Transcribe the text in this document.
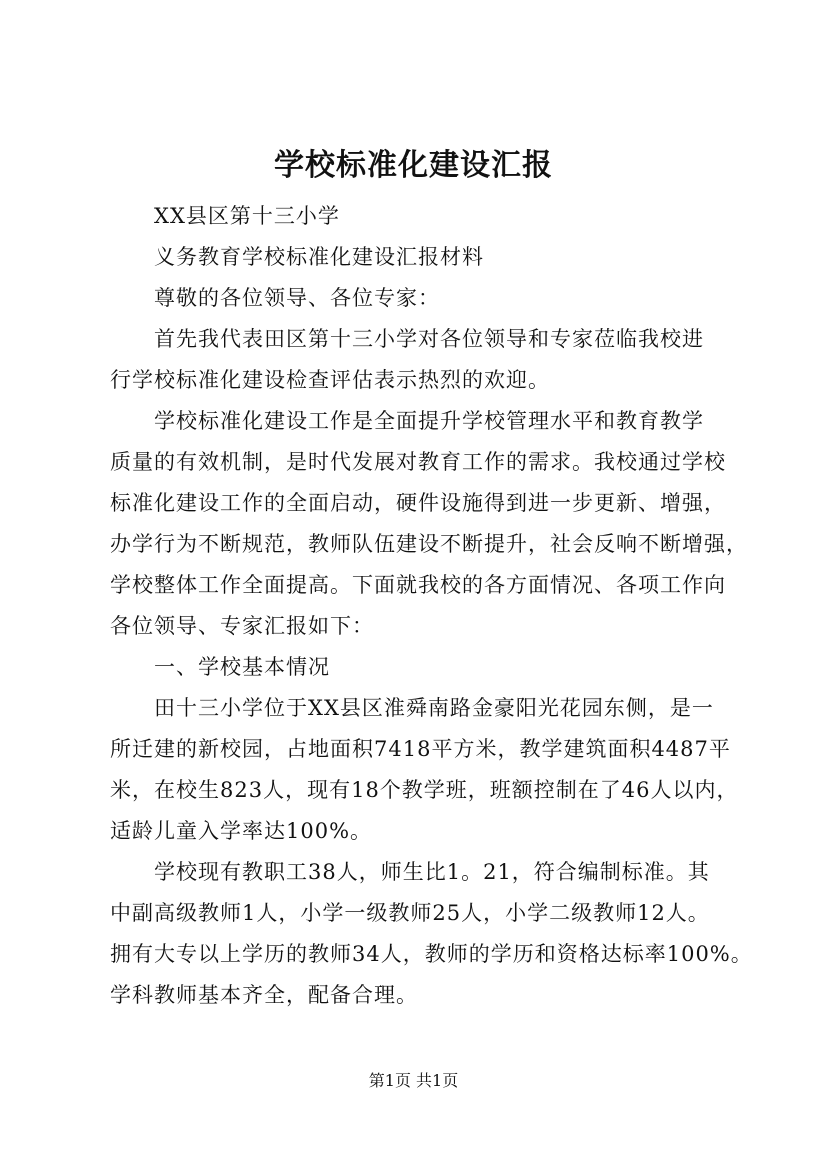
学校标准化建设汇报
XX县区第十三小学
义务教育学校标准化建设汇报材料
尊敬的各位领导、各位专家：
首先我代表田区第十三小学对各位领导和专家莅临我校进
行学校标准化建设检查评估表示热烈的欢迎。
学校标准化建设工作是全面提升学校管理水平和教育教学
质量的有效机制，是时代发展对教育工作的需求。我校通过学校
标准化建设工作的全面启动，硬件设施得到进一步更新、增强，
办学行为不断规范，教师队伍建设不断提升，社会反响不断增强，
学校整体工作全面提高。下面就我校的各方面情况、各项工作向
各位领导、专家汇报如下：
一、学校基本情况
田十三小学位于XX县区淮舜南路金豪阳光花园东侧，是一
所迁建的新校园，占地面积7418平方米，教学建筑面积4487平
米，在校生823人，现有18个教学班，班额控制在了46人以内，
适龄儿童入学率达100%。
学校现有教职工38人，师生比1。21，符合编制标准。其
中副高级教师1人，小学一级教师25人，小学二级教师12人。
拥有大专以上学历的教师34人，教师的学历和资格达标率100%。
学科教师基本齐全，配备合理。
第1页 共1页
